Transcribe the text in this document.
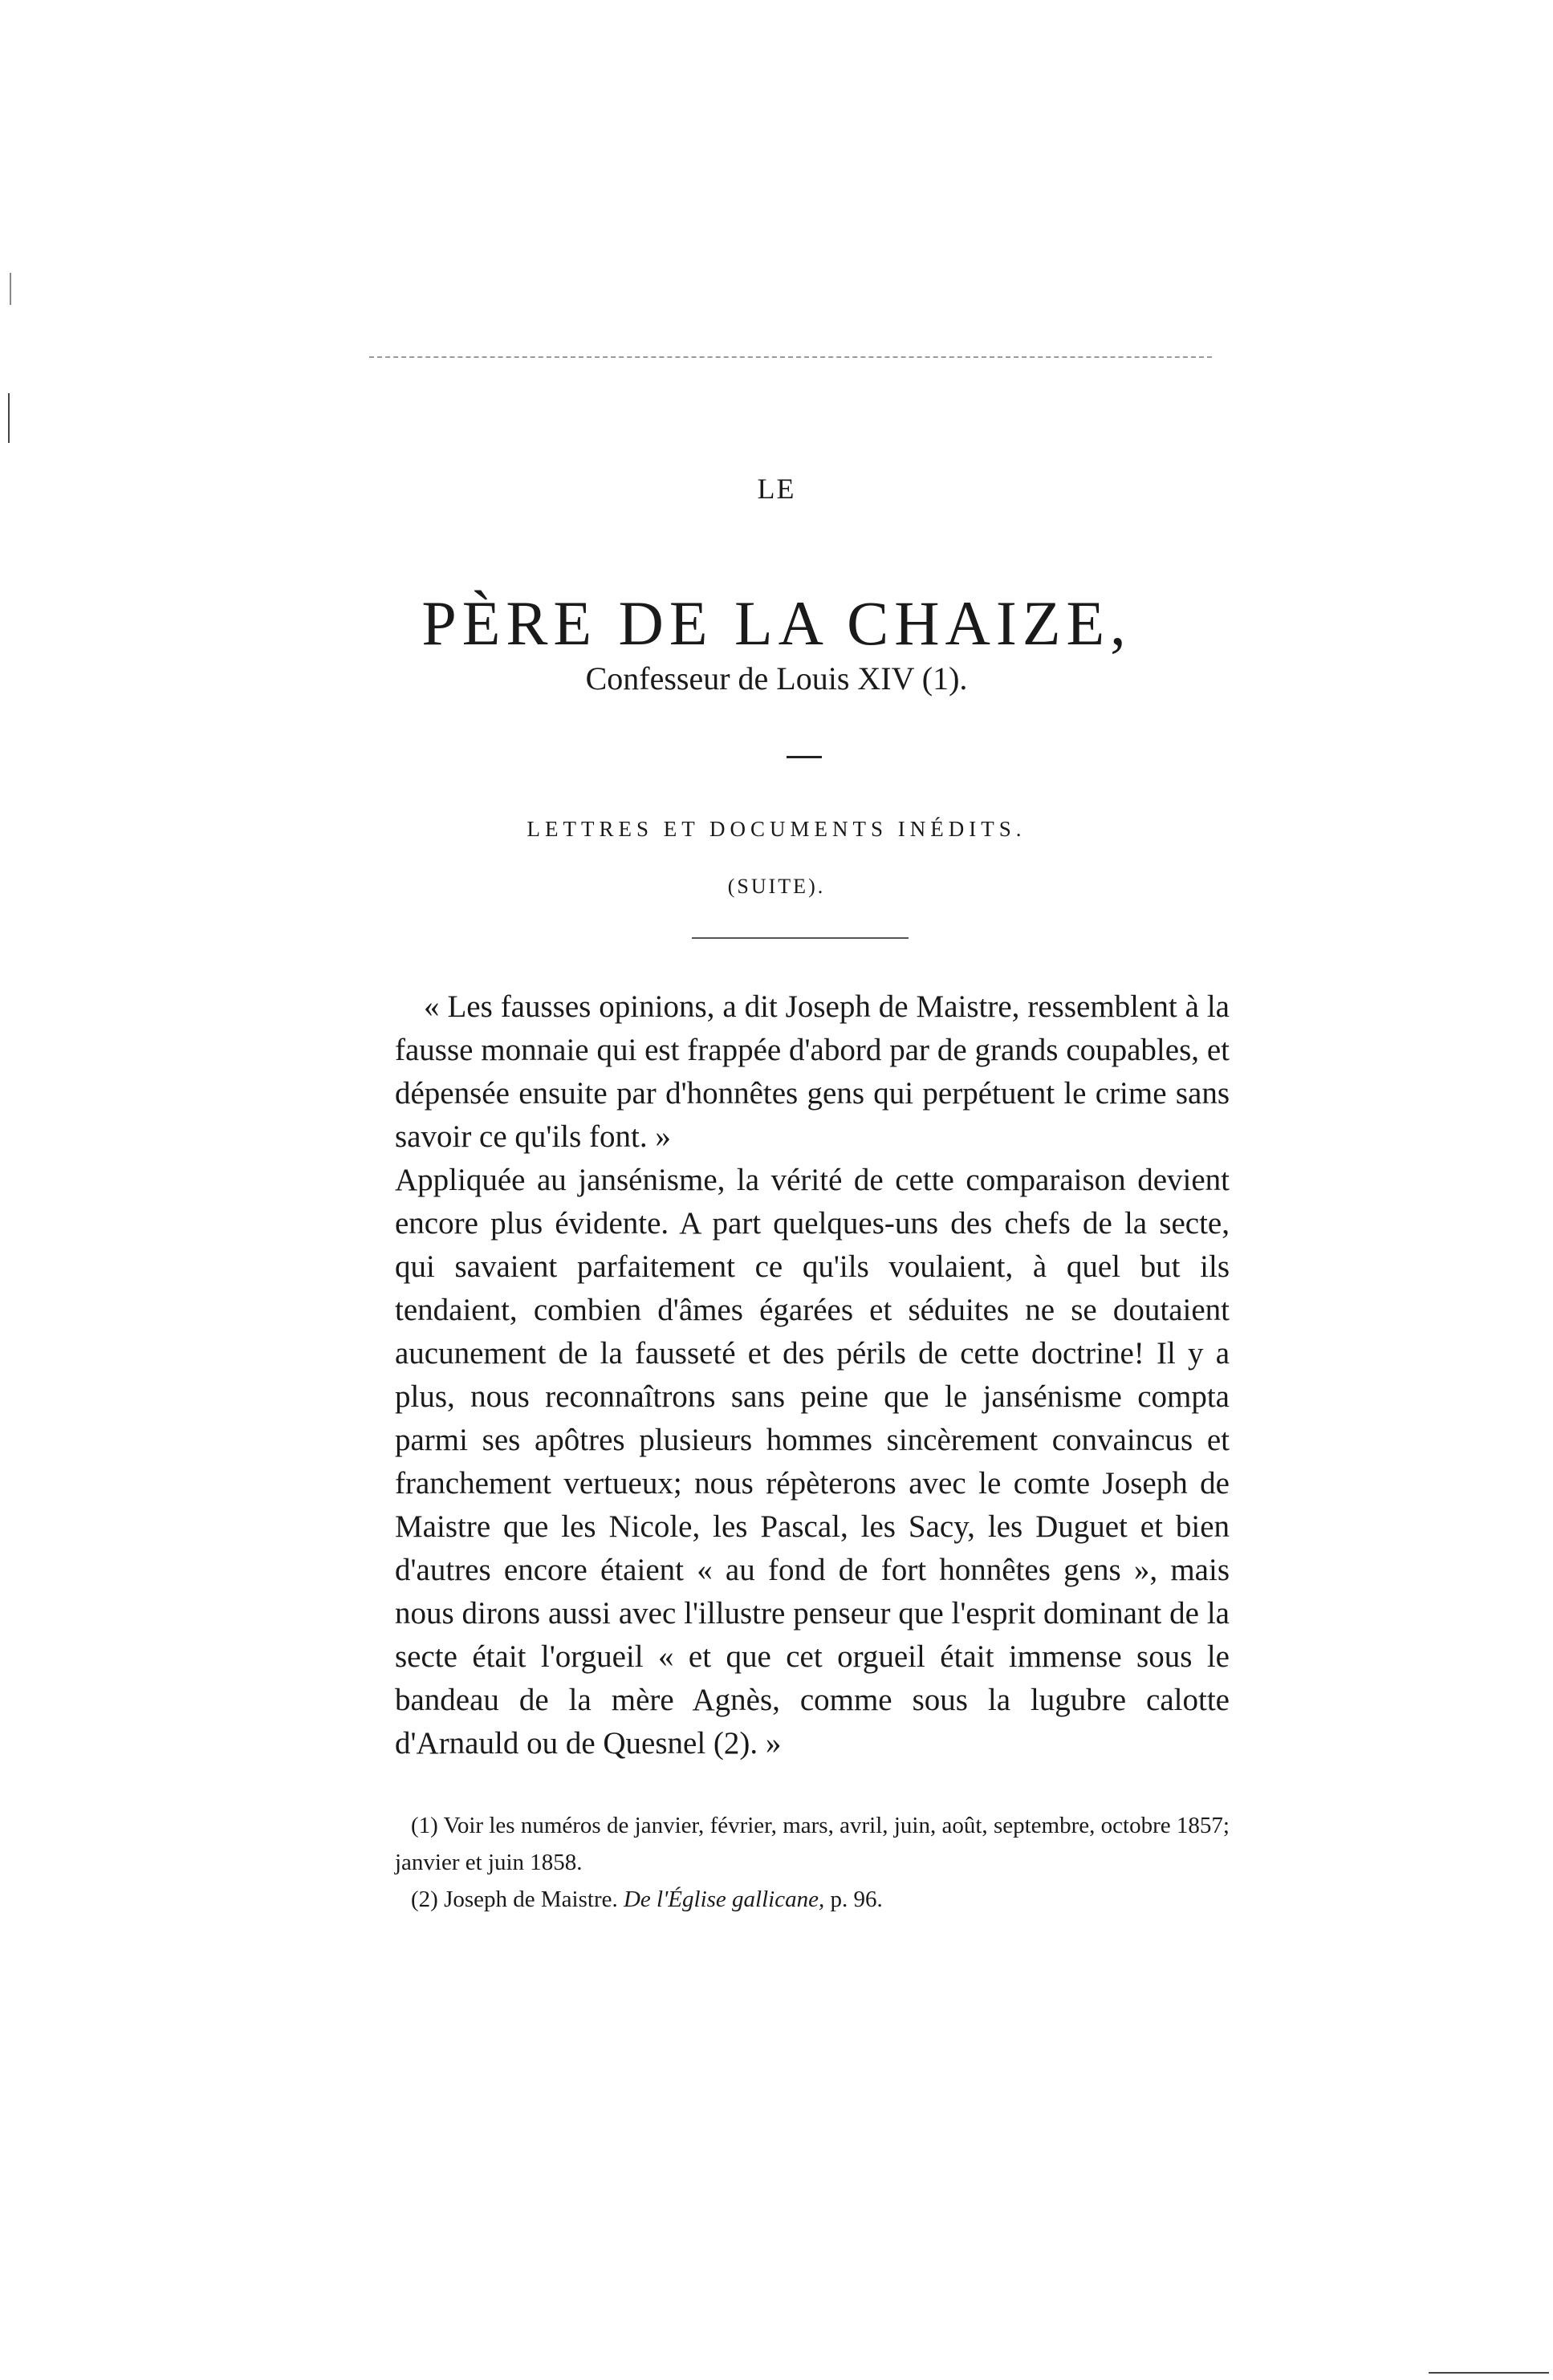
LE
PÈRE DE LA CHAIZE,
Confesseur de Louis XIV (1).
LETTRES ET DOCUMENTS INÉDITS.
(SUITE).

« Les fausses opinions, a dit Joseph de Maistre, ressemblent à la fausse monnaie qui est frappée d'abord par de grands coupables, et dépensée ensuite par d'honnêtes gens qui perpétuent le crime sans savoir ce qu'ils font. »

Appliquée au jansénisme, la vérité de cette comparaison devient encore plus évidente. A part quelques-uns des chefs de la secte, qui savaient parfaitement ce qu'ils voulaient, à quel but ils tendaient, combien d'âmes égarées et séduites ne se doutaient aucunement de la fausseté et des périls de cette doctrine! Il y a plus, nous reconnaîtrons sans peine que le jansénisme compta parmi ses apôtres plusieurs hommes sincèrement convaincus et franchement vertueux; nous répèterons avec le comte Joseph de Maistre que les Nicole, les Pascal, les Sacy, les Duguet et bien d'autres encore étaient « au fond de fort honnêtes gens », mais nous dirons aussi avec l'illustre penseur que l'esprit dominant de la secte était l'orgueil « et que cet orgueil était immense sous le bandeau de la mère Agnès, comme sous la lugubre calotte d'Arnauld ou de Quesnel (2). »

(1) Voir les numéros de janvier, février, mars, avril, juin, août, septembre, octobre 1857; janvier et juin 1858.

(2) Joseph de Maistre. De l'Église gallicane, p. 96.
